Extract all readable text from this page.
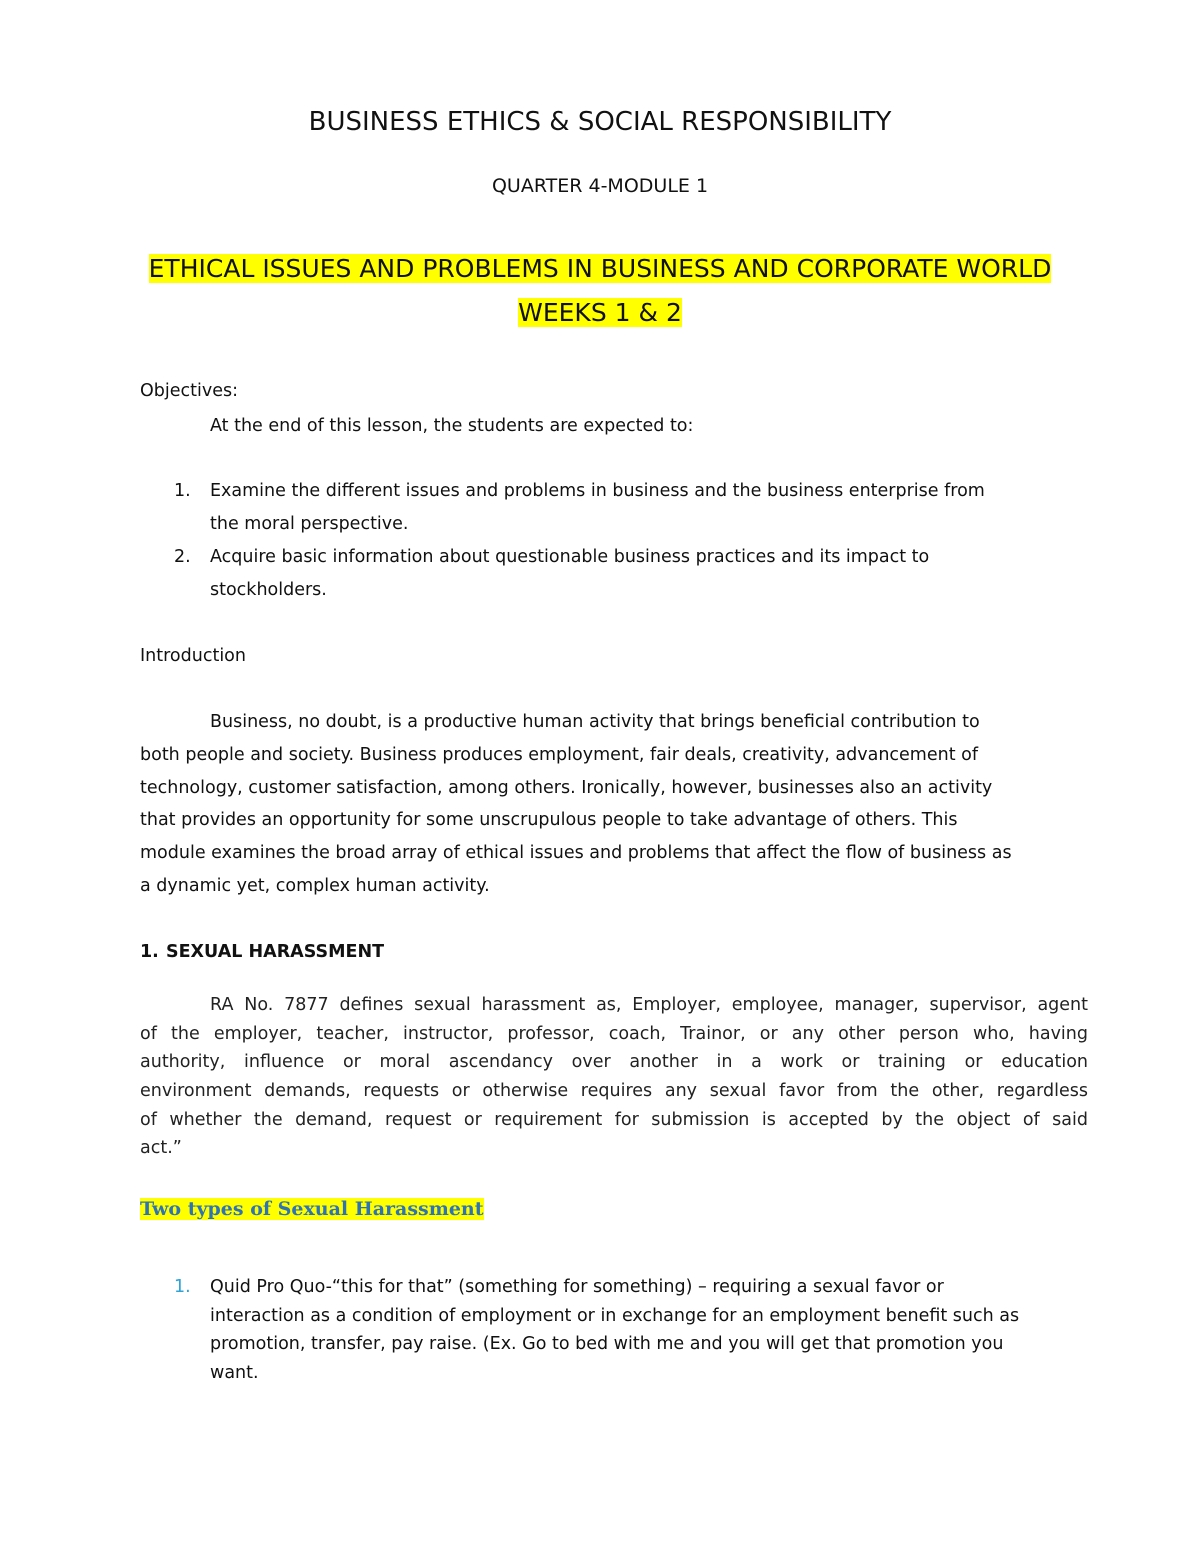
BUSINESS ETHICS & SOCIAL RESPONSIBILITY
QUARTER 4-MODULE 1
ETHICAL ISSUES AND PROBLEMS IN BUSINESS AND CORPORATE WORLD
WEEKS 1 & 2
Objectives:
At the end of this lesson, the students are expected to:
1. Examine the different issues and problems in business and the business enterprise from
the moral perspective.
2. Acquire basic information about questionable business practices and its impact to
stockholders.
Introduction
Business, no doubt, is a productive human activity that brings beneficial contribution to
both people and society. Business produces employment, fair deals, creativity, advancement of
technology, customer satisfaction, among others. Ironically, however, businesses also an activity
that provides an opportunity for some unscrupulous people to take advantage of others. This
module examines the broad array of ethical issues and problems that affect the flow of business as
a dynamic yet, complex human activity.
1. SEXUAL HARASSMENT
RA No. 7877 defines sexual harassment as, Employer, employee, manager, supervisor, agent
of the employer, teacher, instructor, professor, coach, Trainor, or any other person who, having
authority, influence or moral ascendancy over another in a work or training or education
environment demands, requests or otherwise requires any sexual favor from the other, regardless
of whether the demand, request or requirement for submission is accepted by the object of said
act.”
Two types of Sexual Harassment
1. Quid Pro Quo-“this for that” (something for something) – requiring a sexual favor or
interaction as a condition of employment or in exchange for an employment benefit such as
promotion, transfer, pay raise. (Ex. Go to bed with me and you will get that promotion you
want.
